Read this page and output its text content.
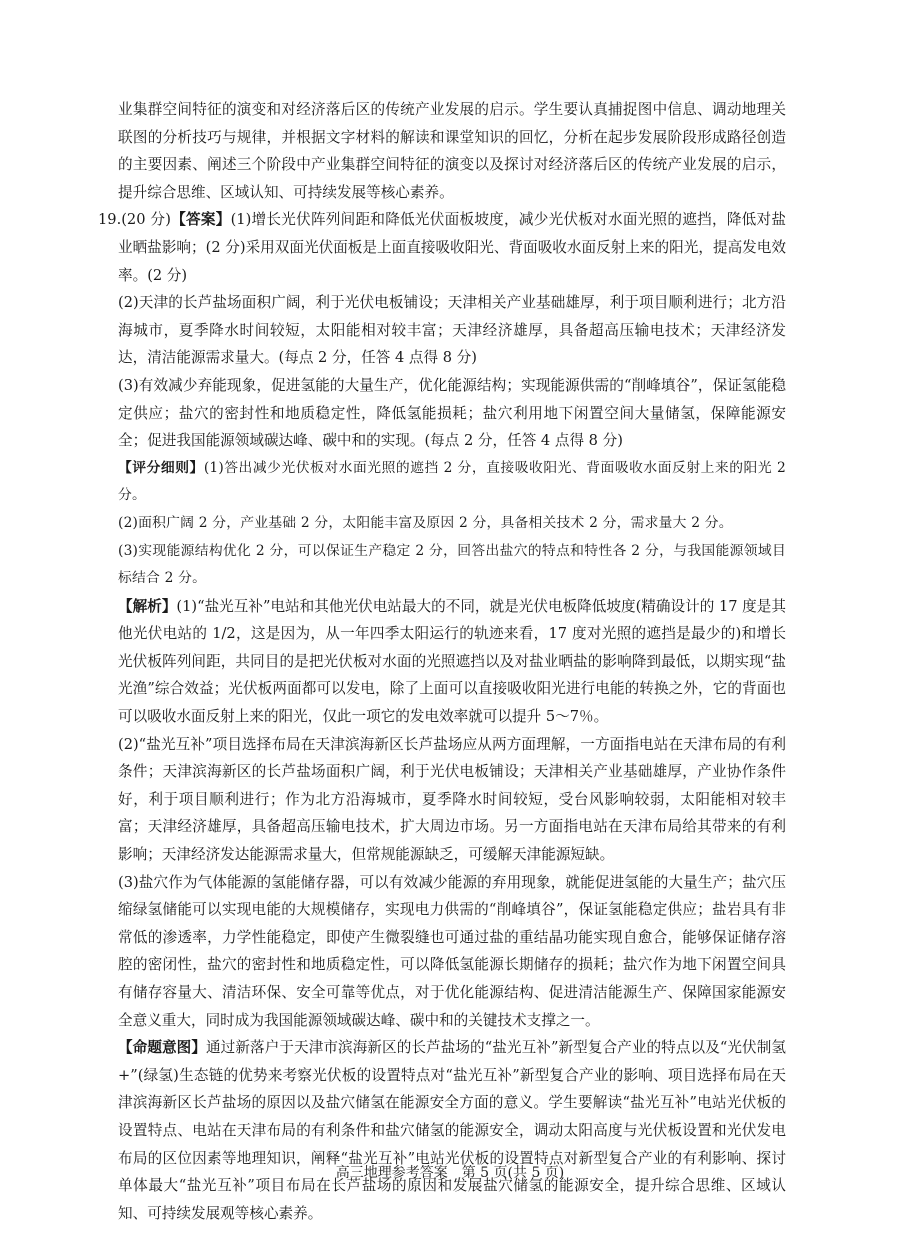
业集群空间特征的演变和对经济落后区的传统产业发展的启示。学生要认真捕捉图中信息、调动地理关联图的分析技巧与规律，并根据文字材料的解读和课堂知识的回忆，分析在起步发展阶段形成路径创造的主要因素、阐述三个阶段中产业集群空间特征的演变以及探讨对经济落后区的传统产业发展的启示，提升综合思维、区域认知、可持续发展等核心素养。

19.(20 分)【答案】(1)增长光伏阵列间距和降低光伏面板坡度，减少光伏板对水面光照的遮挡，降低对盐业晒盐影响；(2 分)采用双面光伏面板是上面直接吸收阳光、背面吸收水面反射上来的阳光，提高发电效率。(2 分)

(2)天津的长芦盐场面积广阔，利于光伏电板铺设；天津相关产业基础雄厚，利于项目顺利进行；北方沿海城市，夏季降水时间较短，太阳能相对较丰富；天津经济雄厚，具备超高压输电技术；天津经济发达，清洁能源需求量大。(每点 2 分，任答 4 点得 8 分)

(3)有效减少弃能现象，促进氢能的大量生产，优化能源结构；实现能源供需的“削峰填谷”，保证氢能稳定供应；盐穴的密封性和地质稳定性，降低氢能损耗；盐穴利用地下闲置空间大量储氢，保障能源安全；促进我国能源领域碳达峰、碳中和的实现。(每点 2 分，任答 4 点得 8 分)

【评分细则】(1)答出减少光伏板对水面光照的遮挡 2 分，直接吸收阳光、背面吸收水面反射上来的阳光 2 分。

(2)面积广阔 2 分，产业基础 2 分，太阳能丰富及原因 2 分，具备相关技术 2 分，需求量大 2 分。

(3)实现能源结构优化 2 分，可以保证生产稳定 2 分，回答出盐穴的特点和特性各 2 分，与我国能源领域目标结合 2 分。

【解析】(1)“盐光互补”电站和其他光伏电站最大的不同，就是光伏电板降低坡度(精确设计的 17 度是其他光伏电站的 1/2，这是因为，从一年四季太阳运行的轨迹来看，17 度对光照的遮挡是最少的)和增长光伏板阵列间距，共同目的是把光伏板对水面的光照遮挡以及对盐业晒盐的影响降到最低，以期实现“盐光渔”综合效益；光伏板两面都可以发电，除了上面可以直接吸收阳光进行电能的转换之外，它的背面也可以吸收水面反射上来的阳光，仅此一项它的发电效率就可以提升 5～7％。

(2)“盐光互补”项目选择布局在天津滨海新区长芦盐场应从两方面理解，一方面指电站在天津布局的有利条件；天津滨海新区的长芦盐场面积广阔，利于光伏电板铺设；天津相关产业基础雄厚，产业协作条件好，利于项目顺利进行；作为北方沿海城市，夏季降水时间较短，受台风影响较弱，太阳能相对较丰富；天津经济雄厚，具备超高压输电技术，扩大周边市场。另一方面指电站在天津布局给其带来的有利影响；天津经济发达能源需求量大，但常规能源缺乏，可缓解天津能源短缺。

(3)盐穴作为气体能源的氢能储存器，可以有效减少能源的弃用现象，就能促进氢能的大量生产；盐穴压缩绿氢储能可以实现电能的大规模储存，实现电力供需的“削峰填谷”，保证氢能稳定供应；盐岩具有非常低的渗透率，力学性能稳定，即使产生微裂缝也可通过盐的重结晶功能实现自愈合，能够保证储存溶腔的密闭性，盐穴的密封性和地质稳定性，可以降低氢能源长期储存的损耗；盐穴作为地下闲置空间具有储存容量大、清洁环保、安全可靠等优点，对于优化能源结构、促进清洁能源生产、保障国家能源安全意义重大，同时成为我国能源领域碳达峰、碳中和的关键技术支撑之一。

【命题意图】通过新落户于天津市滨海新区的长芦盐场的“盐光互补”新型复合产业的特点以及“光伏制氢+”(绿氢)生态链的优势来考察光伏板的设置特点对“盐光互补”新型复合产业的影响、项目选择布局在天津滨海新区长芦盐场的原因以及盐穴储氢在能源安全方面的意义。学生要解读“盐光互补”电站光伏板的设置特点、电站在天津布局的有利条件和盐穴储氢的能源安全，调动太阳高度与光伏板设置和光伏发电布局的区位因素等地理知识，阐释“盐光互补”电站光伏板的设置特点对新型复合产业的有利影响、探讨单体最大“盐光互补”项目布局在长芦盐场的原因和发展盐穴储氢的能源安全，提升综合思维、区域认知、可持续发展观等核心素养。

高三地理参考答案　第 5 页(共 5 页)
